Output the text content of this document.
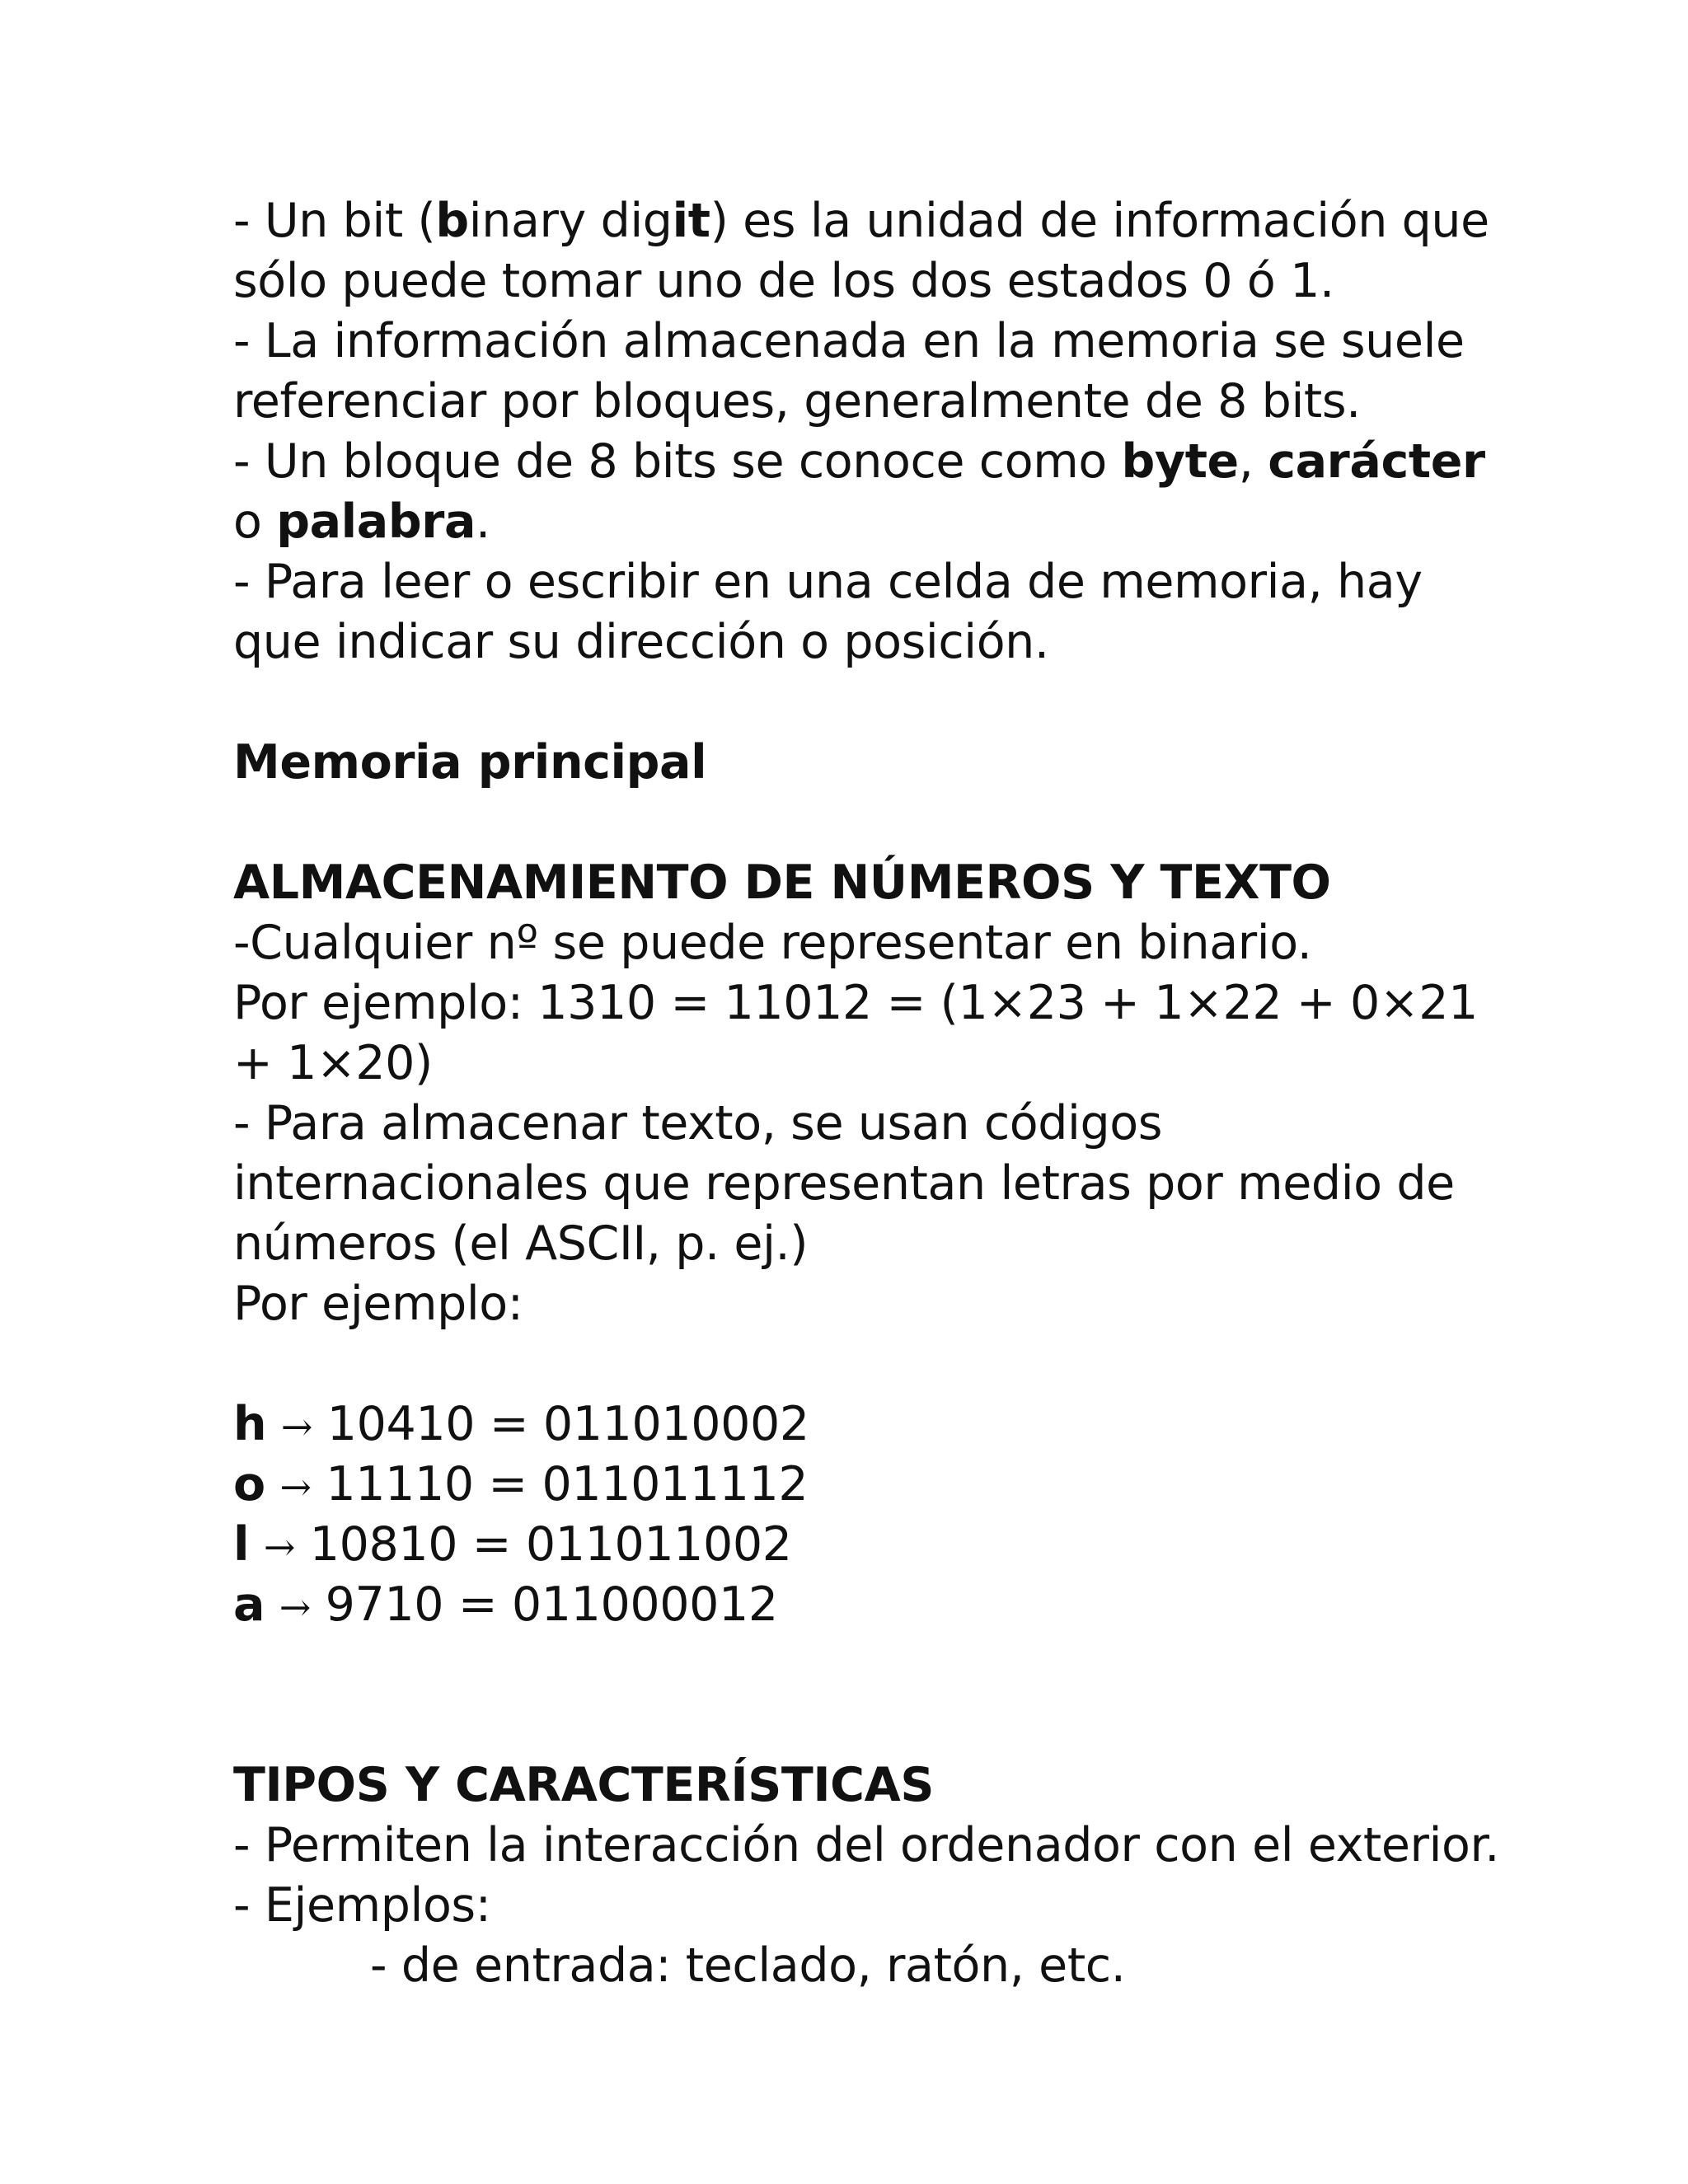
- Un bit (binary digit) es la unidad de información que
sólo puede tomar uno de los dos estados 0 ó 1.
- La información almacenada en la memoria se suele
referenciar por bloques, generalmente de 8 bits.
- Un bloque de 8 bits se conoce como byte, carácter
o palabra.
- Para leer o escribir en una celda de memoria, hay
que indicar su dirección o posición.
Memoria principal
ALMACENAMIENTO DE NÚMEROS Y TEXTO
-Cualquier nº se puede representar en binario.
Por ejemplo: 1310 = 11012 = (1×23 + 1×22 + 0×21
+ 1×20)
- Para almacenar texto, se usan códigos
internacionales que representan letras por medio de
números (el ASCII, p. ej.)
Por ejemplo:
h → 10410 = 011010002
o → 11110 = 011011112
l → 10810 = 011011002
a → 9710 = 011000012
TIPOS Y CARACTERÍSTICAS
- Permiten la interacción del ordenador con el exterior.
- Ejemplos:
- de entrada: teclado, ratón, etc.
